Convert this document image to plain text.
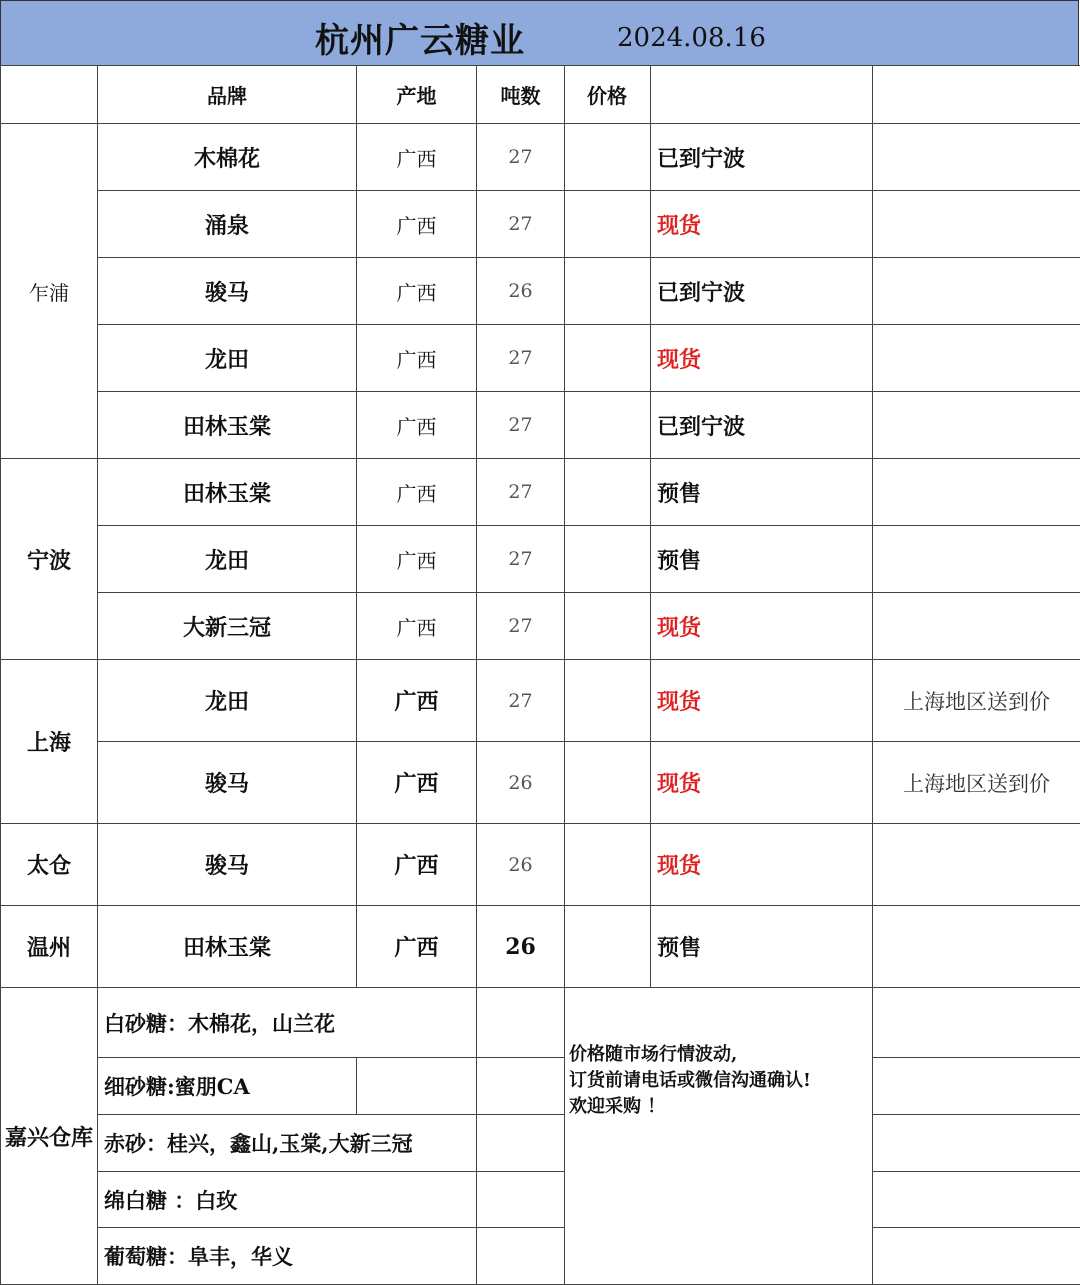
杭州广云糖业	2024.08.16
	品牌	产地	吨数	价格		
乍浦	木棉花	广西	27		已到宁波	
	涌泉	广西	27		现货	
	骏马	广西	26		已到宁波	
	龙田	广西	27		现货	
	田林玉棠	广西	27		已到宁波	
宁波	田林玉棠	广西	27		预售	
	龙田	广西	27		预售	
	大新三冠	广西	27		现货	
上海	龙田	广西	27		现货	上海地区送到价
	骏马	广西	26		现货	上海地区送到价
太仓	骏马	广西	26		现货	
温州	田林玉棠	广西	26		预售	
嘉兴仓库	白砂糖：木棉花，山兰花			价格随市场行情波动,
订货前请电话或微信沟通确认!
欢迎采购 ！		

	细砂糖:蜜朋CA					
	赤砂：桂兴，鑫山,玉棠,大新三冠					
	绵白糖 ：白玫					
	葡萄糖：阜丰，华义					
